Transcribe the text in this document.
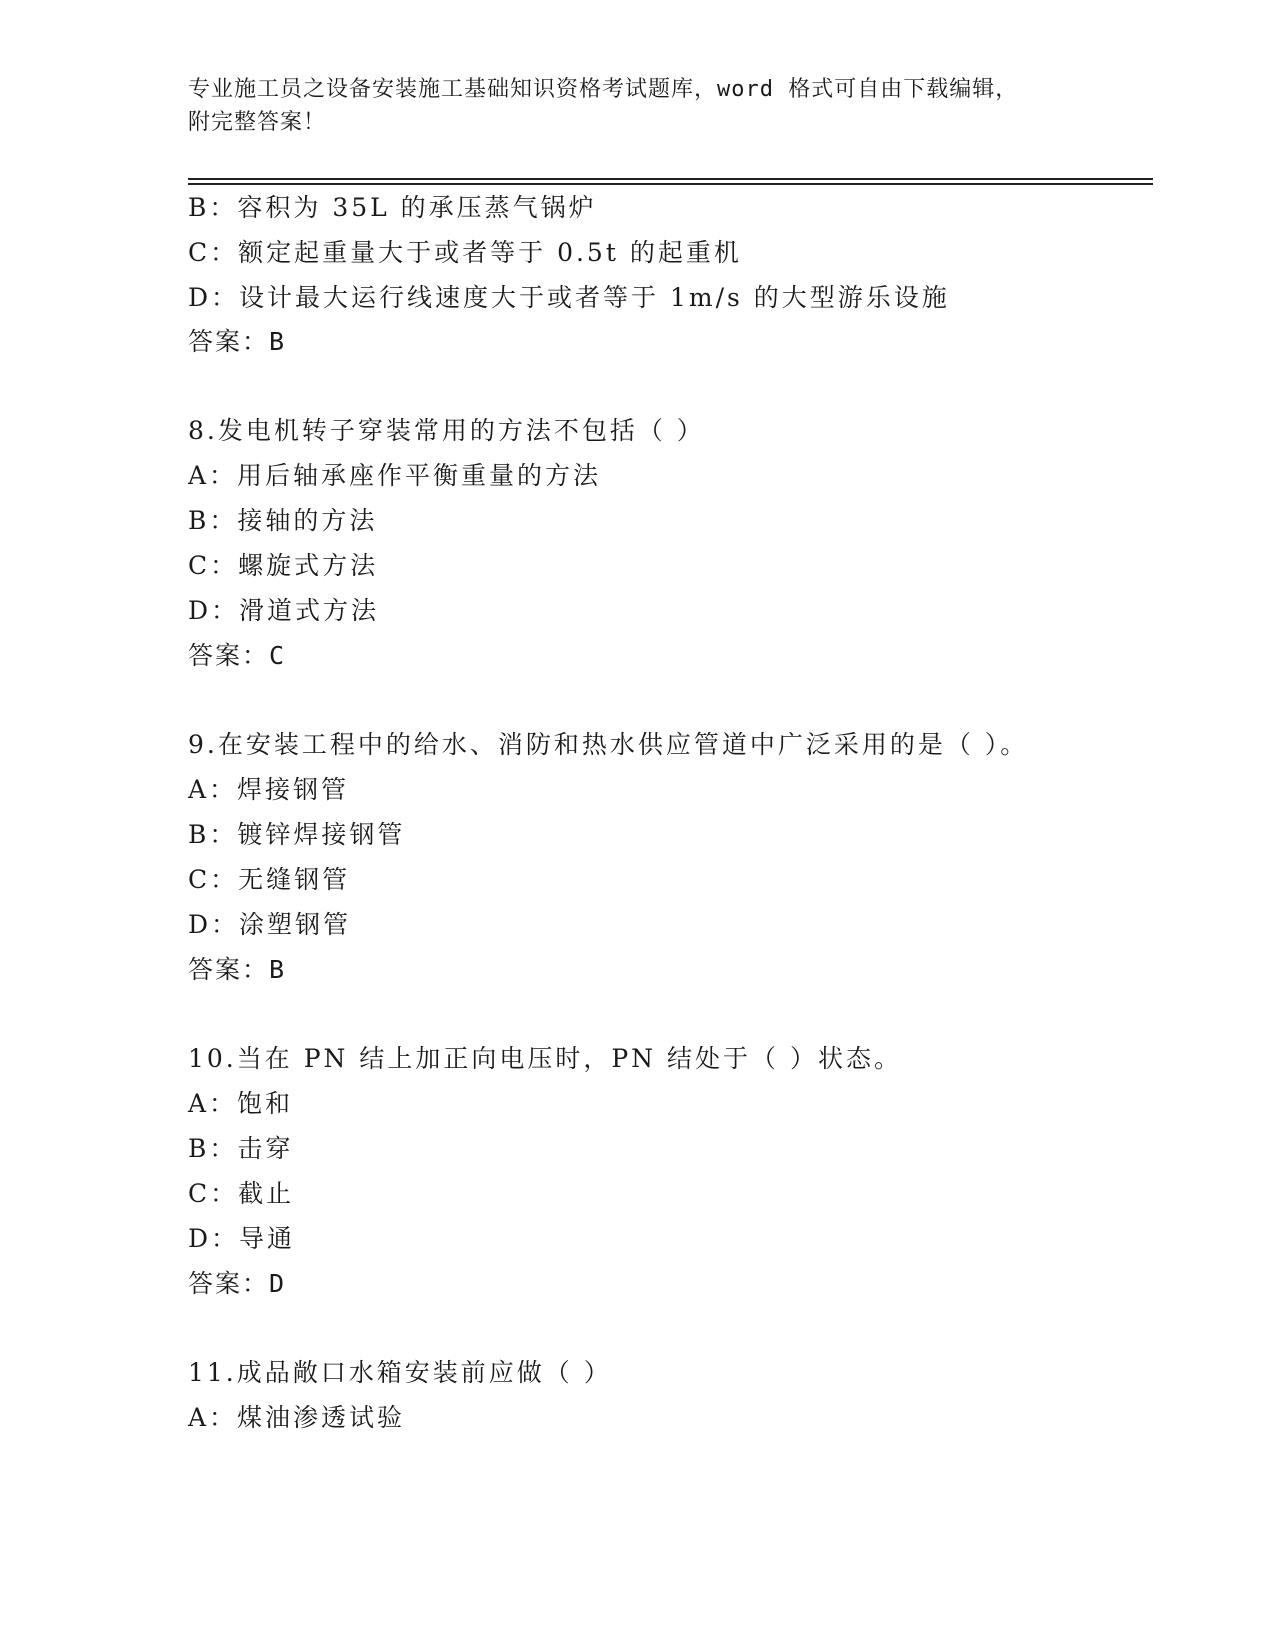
专业施工员之设备安装施工基础知识资格考试题库，word 格式可自由下载编辑，
附完整答案！
B：容积为 35L 的承压蒸气锅炉
C：额定起重量大于或者等于 0.5t 的起重机
D：设计最大运行线速度大于或者等于 1m/s 的大型游乐设施
答案：B
8.发电机转子穿装常用的方法不包括（ ）
A：用后轴承座作平衡重量的方法
B：接轴的方法
C：螺旋式方法
D：滑道式方法
答案：C
9.在安装工程中的给水、消防和热水供应管道中广泛采用的是（ ）。
A：焊接钢管
B：镀锌焊接钢管
C：无缝钢管
D：涂塑钢管
答案：B
10.当在 PN 结上加正向电压时，PN 结处于（ ）状态。
A：饱和
B：击穿
C：截止
D：导通
答案：D
11.成品敞口水箱安装前应做（ ）
A：煤油渗透试验
